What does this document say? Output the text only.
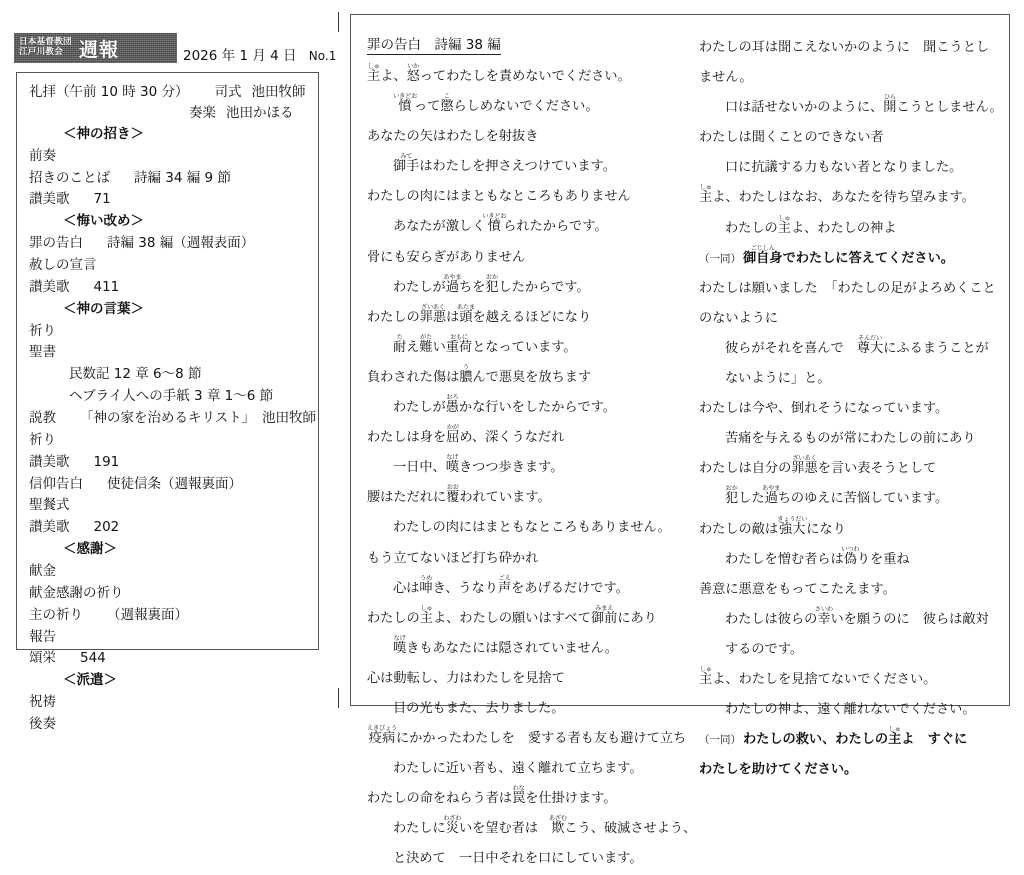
日本基督教団
江戸川教会 週報	2026 年 1 月 4 日 No.1
礼拝（午前 10 時 30 分） 司式 池田牧師
奏楽 池田かほる
＜神の招き＞
前奏
招きのことば 詩編 34 編 9 節
讃美歌 71
＜悔い改め＞
罪の告白 詩編 38 編（週報表面）
赦しの宣言
讃美歌 411
＜神の言葉＞
祈り
聖書
民数記 12 章 6〜8 節
ヘブライ人への手紙 3 章 1〜6 節
説教 「神の家を治めるキリスト」　池田牧師
祈り
讃美歌 191
信仰告白 使徒信条（週報裏面）
聖餐式
讃美歌 202
＜感謝＞
献金
献金感謝の祈り
主の祈り （週報裏面）
報告
頌栄 544
＜派遣＞
祝祷
後奏
罪の告白　詩編 38 編
主しゅよ、怒いかってわたしを責めないでください。
憤いきどおって懲こらしめないでください。
あなたの矢はわたしを射抜き
御手みてはわたしを押さえつけています。
わたしの肉にはまともなところもありません
あなたが激しく憤いきどおられたからです。
骨にも安らぎがありません
わたしが過あやまちを犯おかしたからです。
わたしの罪悪ざいあくは頭あたまを越えるほどになり
耐たえ難がたい重荷おもにとなっています。
負わされた傷は膿うんで悪臭を放ちます
わたしが愚おろかな行いをしたからです。
わたしは身を屈かがめ、深くうなだれ
一日中、嘆なげきつつ歩きます。
腰はただれに覆おおわれています。
わたしの肉にはまともなところもありません。
もう立てないほど打ち砕かれ
心は呻うめき、うなり声ごえをあげるだけです。
わたしの主しゅよ、わたしの願いはすべて御前みまえにあり
嘆なげきもあなたには隠されていません。
心は動転し、力はわたしを見捨て
目の光もまた、去りました。
疫病えきびょうにかかったわたしを　愛する者も友も避けて立ち
わたしに近い者も、遠く離れて立ちます。
わたしの命をねらう者は罠わなを仕掛けます。
わたしに災わざわいを望む者は　欺あざむこう、破滅させよう、
と決めて　一日中それを口にしています。
わたしの耳は聞こえないかのように　聞こうとし
ません。
口は話せないかのように、開ひらこうとしません。
わたしは聞くことのできない者
口に抗議する力もない者となりました。
主しゅよ、わたしはなお、あなたを待ち望みます。
わたしの主しゅよ、わたしの神よ
（一同） 御自身ごじしんでわたしに答えてください。
わたしは願いました　「わたしの足がよろめくこと
のないように
彼らがそれを喜んで　尊大そんだいにふるまうことが
ないように」と。
わたしは今や、倒れそうになっています。
苦痛を与えるものが常にわたしの前にあり
わたしは自分の罪悪ざいあくを言い表そうとして
犯おかした過あやまちのゆえに苦悩しています。
わたしの敵は強大きょうだいになり
わたしを憎む者らは偽いつわりを重ね
善意に悪意をもってこたえます。
わたしは彼らの幸さいわいを願うのに　彼らは敵対
するのです。
主しゅよ、わたしを見捨てないでください。
わたしの神よ、遠く離れないでください。
（一同） わたしの救い、わたしの主しゅよ　すぐに
わたしを助けてください。
